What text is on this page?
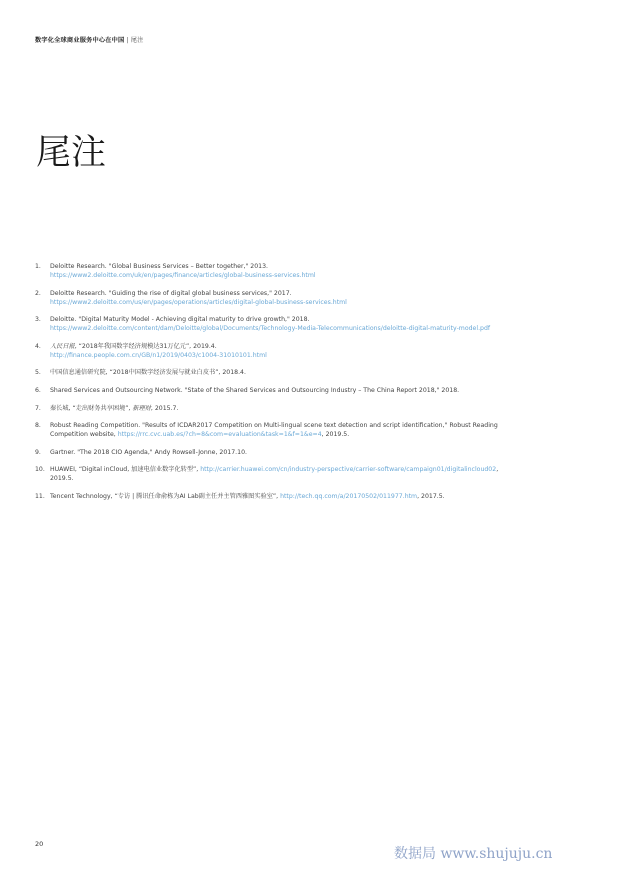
数字化全球商业服务中心在中国 | 尾注
尾注
1.	Deloitte Research. "Global Business Services – Better together," 2013.
https://www2.deloitte.com/uk/en/pages/finance/articles/global-business-services.html
2.	Deloitte Research. "Guiding the rise of digital global business services," 2017.
https://www2.deloitte.com/us/en/pages/operations/articles/digital-global-business-services.html
3.	Deloitte. "Digital Maturity Model - Achieving digital maturity to drive growth," 2018.
https://www2.deloitte.com/content/dam/Deloitte/global/Documents/Technology-Media-Telecommunications/deloitte-digital-maturity-model.pdf
4.	人民日报, “2018年我国数字经济规模达31万亿元”, 2019.4.
http://finance.people.com.cn/GB/n1/2019/0403/c1004-31010101.html
5.	中国信息通信研究院, “2018中国数字经济发展与就业白皮书”, 2018.4.
6.	Shared Services and Outsourcing Network. "State of the Shared Services and Outsourcing Industry – The China Report 2018," 2018.
7.	秦长城, “走出财务共享困境”, 新理财, 2015.7.
8.	Robust Reading Competition. "Results of ICDAR2017 Competition on Multi-lingual scene text detection and script identification," Robust Reading
Competition website, https://rrc.cvc.uab.es/?ch=8&com=evaluation&task=1&f=1&e=4, 2019.5.
9.	Gartner. "The 2018 CIO Agenda," Andy Rowsell-Jonne, 2017.10.
10. HUAWEI, “Digital inCloud, 加速电信业数字化转型”, http://carrier.huawei.com/cn/industry-perspective/carrier-software/campaign01/digitalincloud02,
2019.5.
11. Tencent Technology, “专访 | 腾讯任命俞栋为AI Lab副主任并主管西雅图实验室”, http://tech.qq.com/a/20170502/011977.htm, 2017.5.
20
数据局 www.shujuju.cn
